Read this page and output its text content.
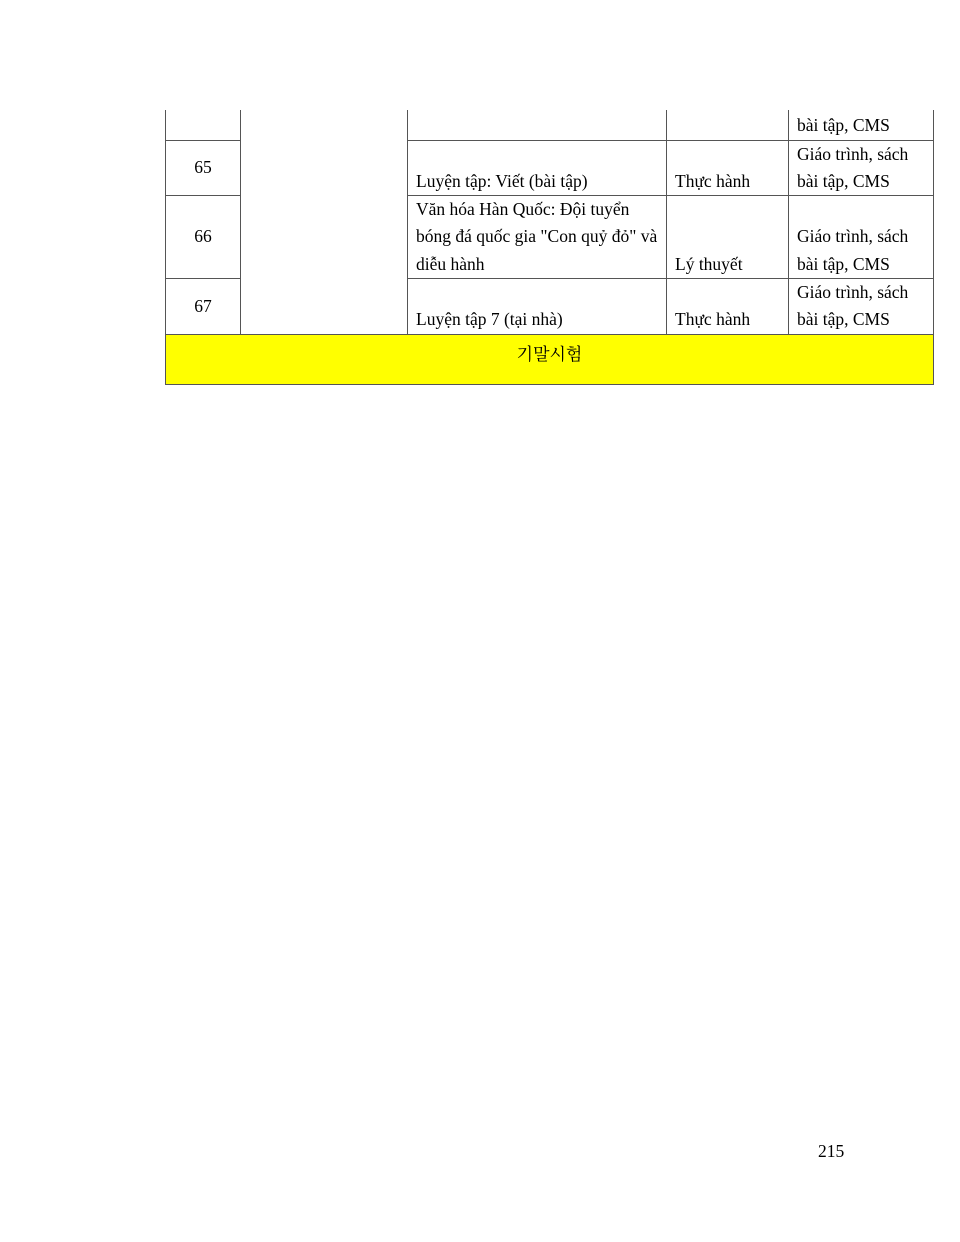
				bài tập, CMS
65		Luyện tập: Viết (bài tập)	Thực hành	Giáo trình, sách bài tập, CMS
66		Văn hóa Hàn Quốc: Đội tuyển bóng đá quốc gia "Con quỷ đỏ" và diễu hành	Lý thuyết	Giáo trình, sách bài tập, CMS
67		Luyện tập 7 (tại nhà)	Thực hành	Giáo trình, sách bài tập, CMS
기말시험				
215
